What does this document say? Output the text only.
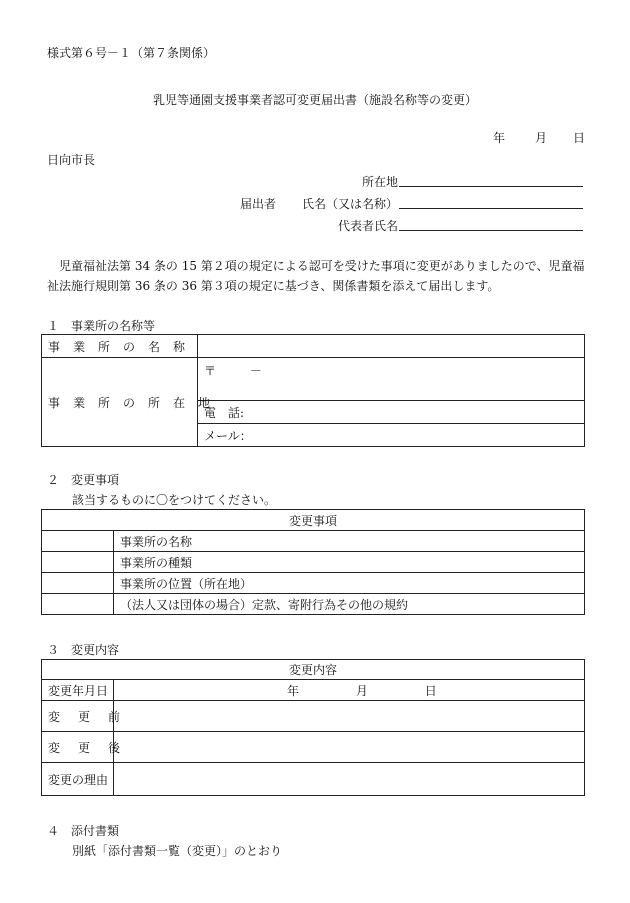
様式第６号－１（第７条関係）
乳児等通園支援事業者認可変更届出書（施設名称等の変更）
年 月 日
日向市長
所在地
届出者 氏名（又は名称）
代表者氏名
児童福祉法第 34 条の 15 第２項の規定による認可を受けた事項に変更がありましたので、児童福
祉法施行規則第 36 条の 36 第３項の規定に基づき、関係書類を添えて届出します。
１　事業所の名称等
事業所の名称	
事業所の所在地	〒 －
	電　話:
	メール：
２　変更事項
該当するものに〇をつけてください。
変更事項	
	事業所の名称
	事業所の種類
	事業所の位置（所在地）
	（法人又は団体の場合）定款、寄附行為その他の規約
３　変更内容
変更内容	
変更年月日	年 月 日
変更前	
変更後	
変更の理由	
４　添付書類
別紙「添付書類一覧（変更）」のとおり
